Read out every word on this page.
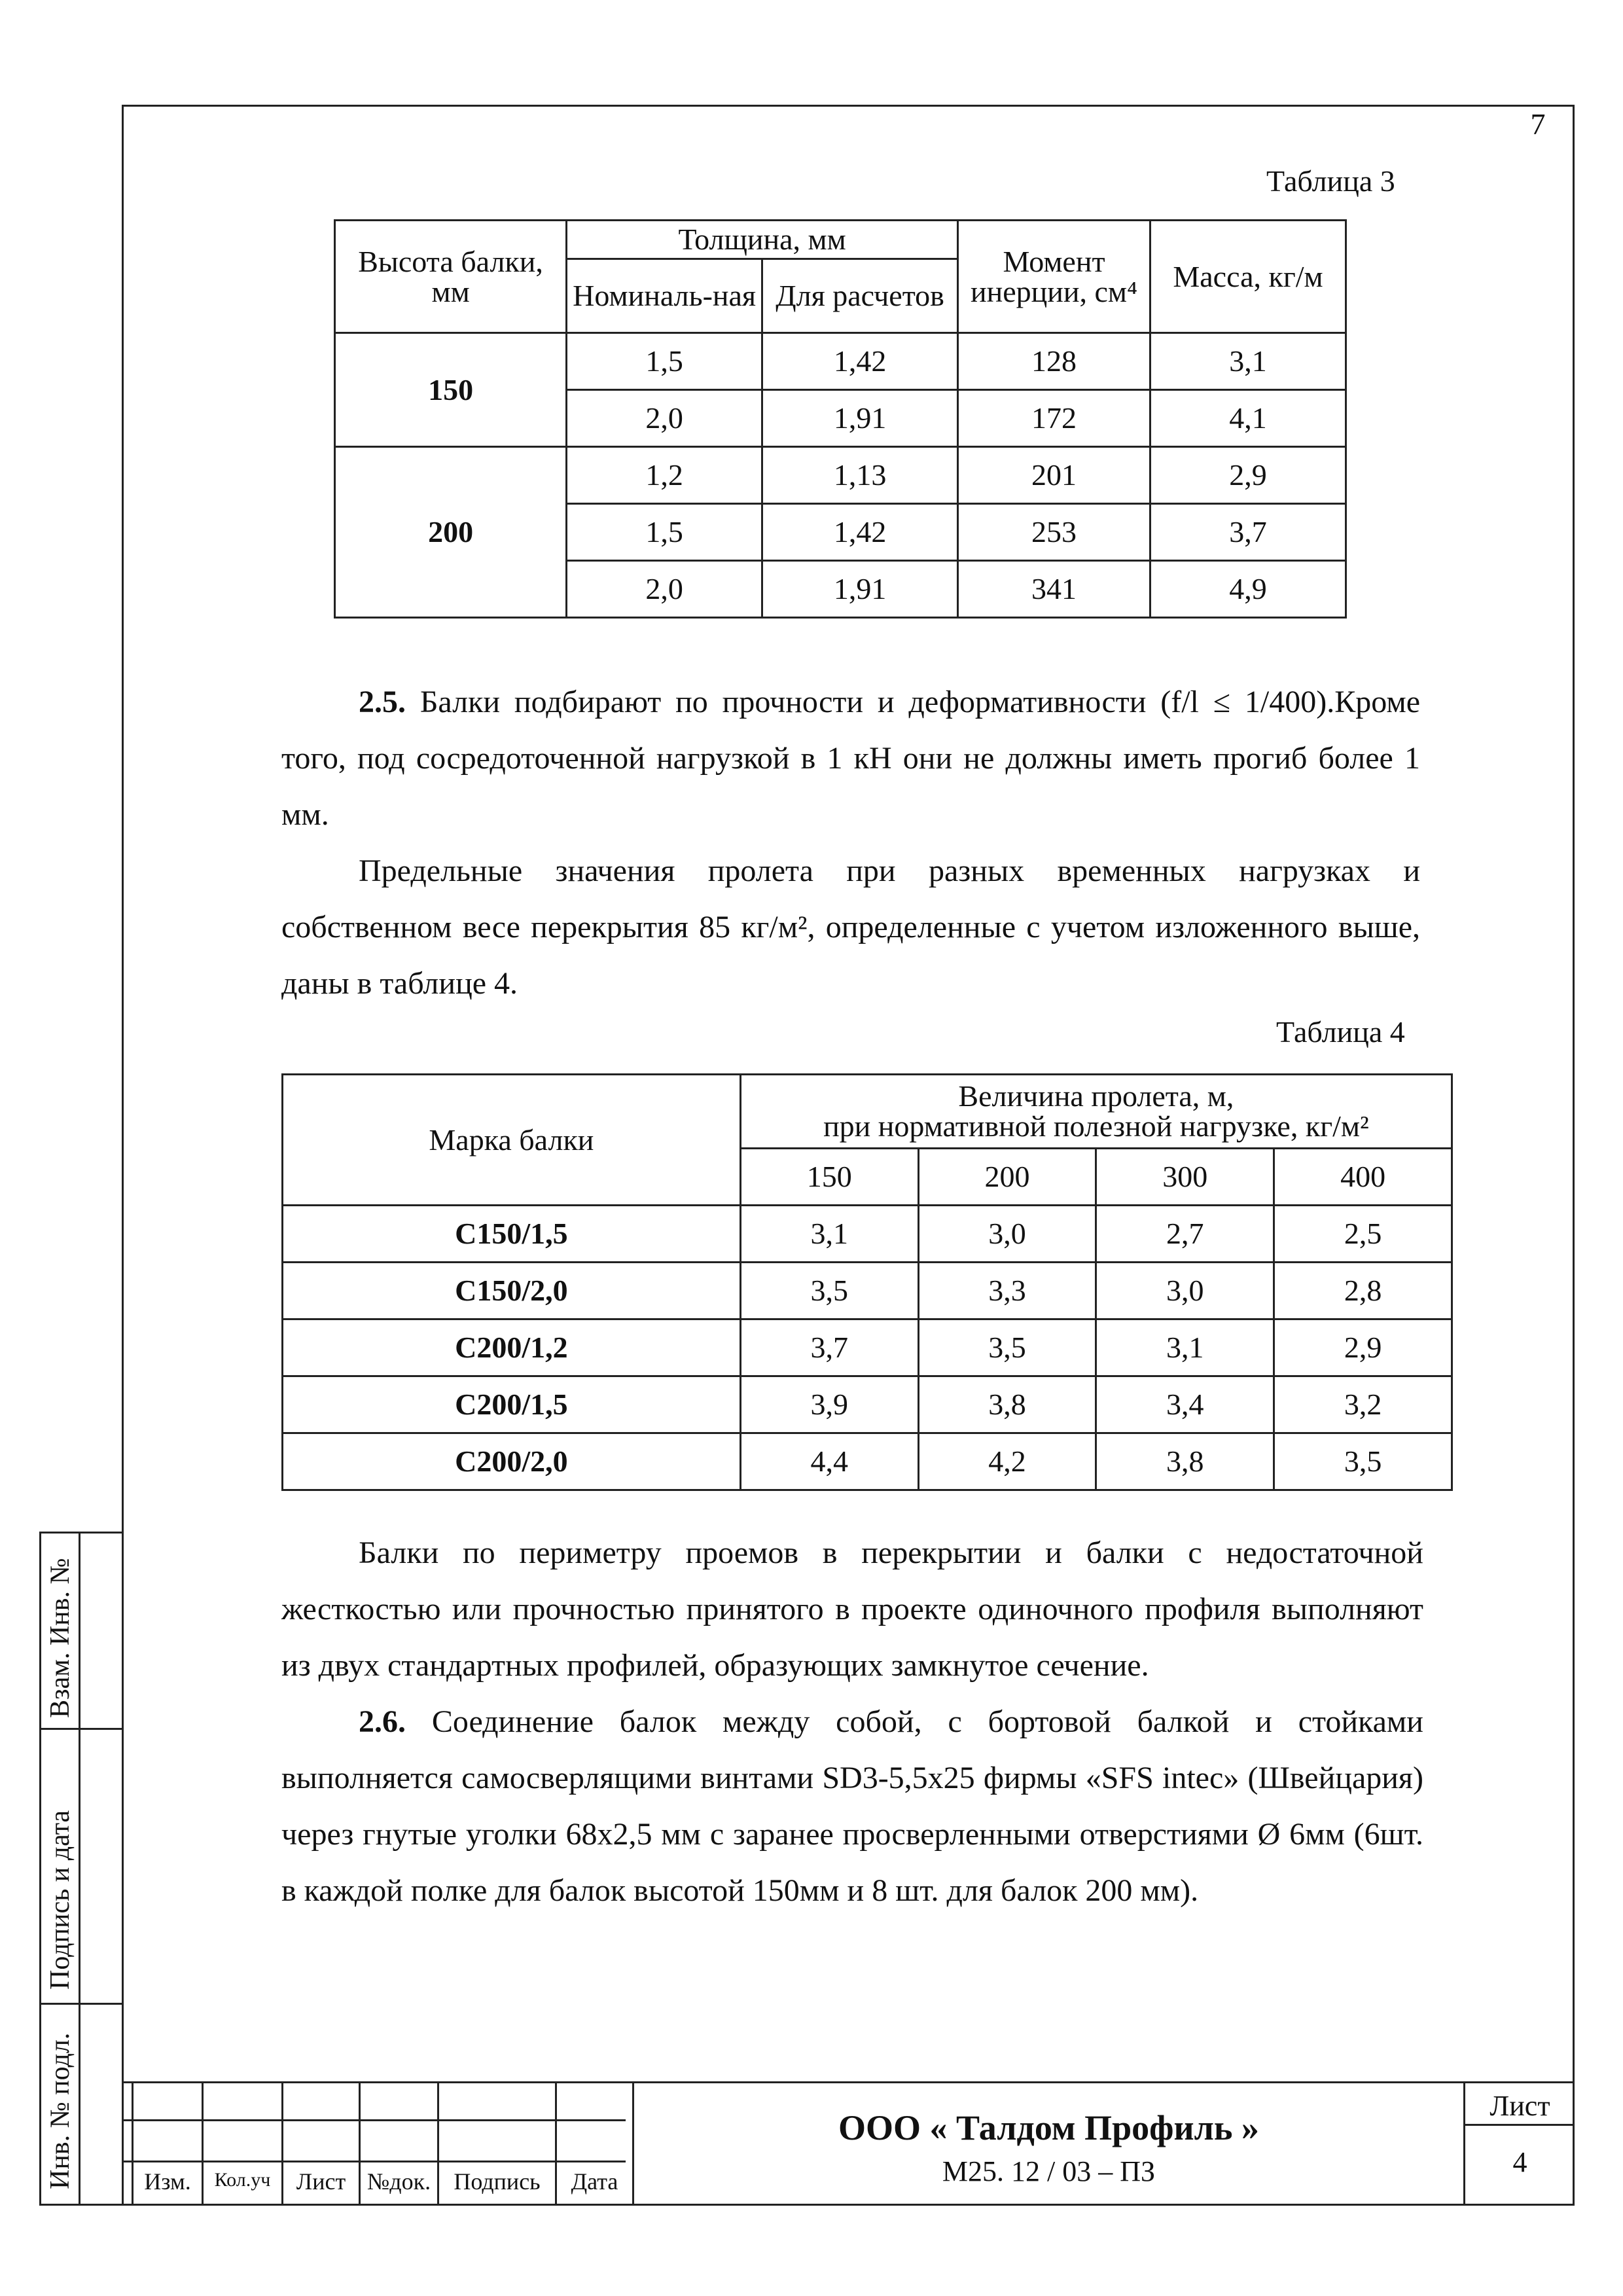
7
Таблица 3
Высота балки, мм	Толщина, мм		Момент инерции, см⁴	Масса, кг/м
	Номиналь-ная	Для расчетов		
150	1,5	1,42	128	3,1
	2,0	1,91	172	4,1
200	1,2	1,13	201	2,9
	1,5	1,42	253	3,7
	2,0	1,91	341	4,9
2.5. Балки подбирают по прочности и деформативности (f/l ≤ 1/400).Кроме того, под сосредоточенной нагрузкой в 1 кН они не должны иметь прогиб более 1 мм.
Предельные значения пролета при разных временных нагрузках и собственном весе перекрытия 85 кг/м², определенные с учетом изложенного выше, даны в таблице 4.
Таблица 4
Марка балки	Величина пролета, м,
при нормативной полезной нагрузке, кг/м²			

	150	200	300	400
С150/1,5	3,1	3,0	2,7	2,5
С150/2,0	3,5	3,3	3,0	2,8
С200/1,2	3,7	3,5	3,1	2,9
С200/1,5	3,9	3,8	3,4	3,2
С200/2,0	4,4	4,2	3,8	3,5
Балки по периметру проемов в перекрытии и балки с недостаточной жесткостью или прочностью принятого в проекте одиночного профиля выполняют из двух стандартных профилей, образующих замкнутое сечение.
2.6. Соединение балок между собой, с бортовой балкой и стойками выполняется самосверлящими винтами SD3-5,5x25 фирмы «SFS intec» (Швейцария) через гнутые уголки 68x2,5 мм с заранее просверленными отверстиями Ø 6мм (6шт. в каждой полке для балок высотой 150мм и 8 шт. для балок 200 мм).
Взам. Инв. №
Подпись и дата
Инв. № подл.	Изм.	Кол.уч	Лист №док. Подпись	Дата
ООО « Талдом Профиль »
М25. 12 / 03 – ПЗ
Лист
4
